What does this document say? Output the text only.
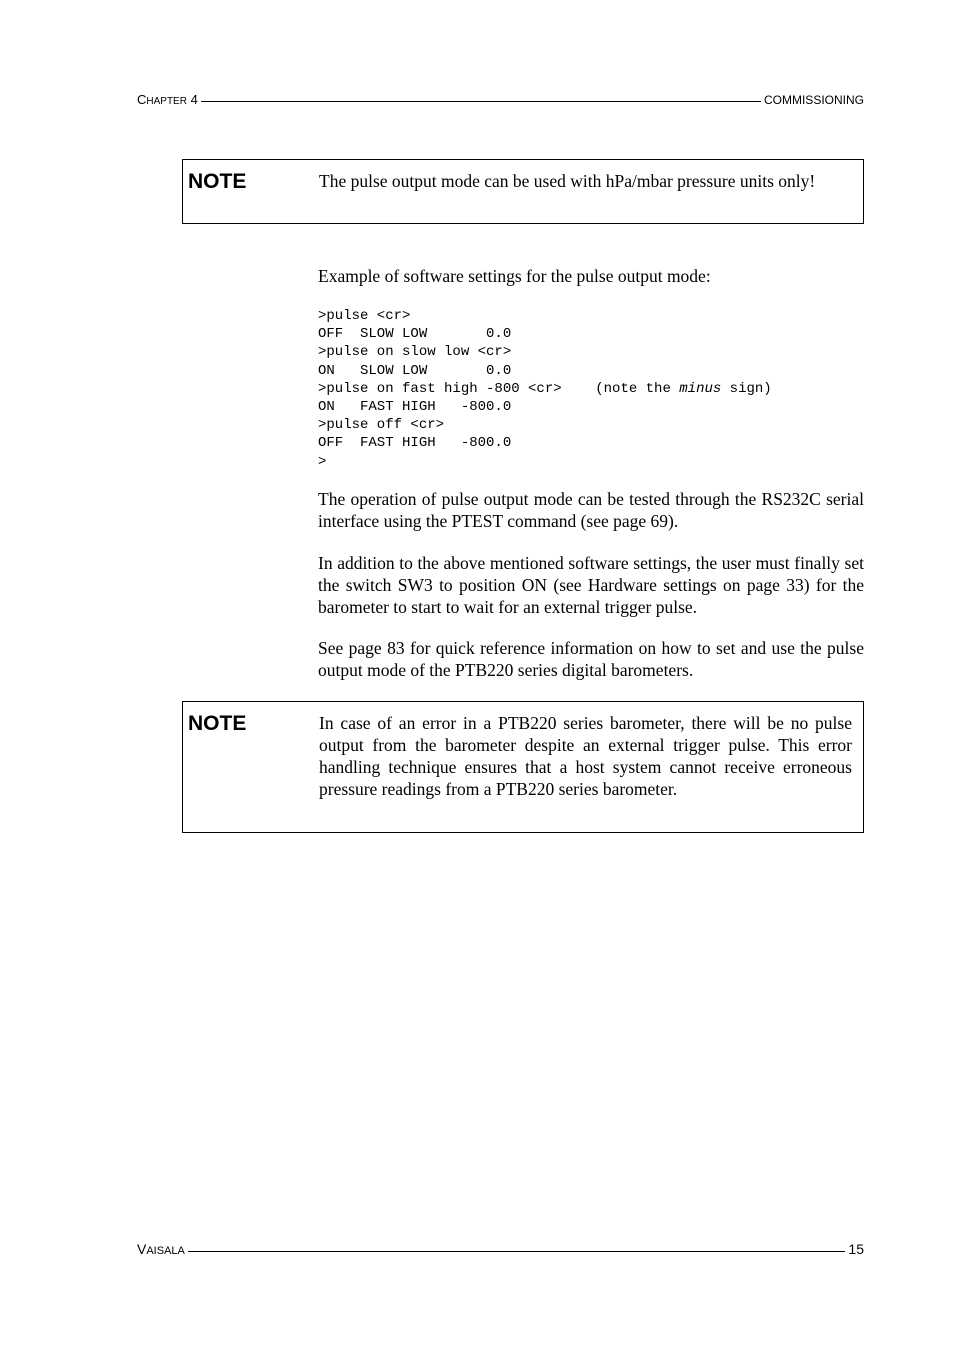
CHAPTER 4	COMMISSIONING
NOTE	The pulse output mode can be used with hPa/mbar pressure units only!
Example of software settings for the pulse output mode:
>pulse <cr>
OFF  SLOW LOW       0.0
>pulse on slow low <cr>
ON   SLOW LOW       0.0
>pulse on fast high -800 <cr>    (note the minus sign)
ON   FAST HIGH   -800.0
>pulse off <cr>
OFF  FAST HIGH   -800.0
>
The operation of pulse output mode can be tested through the RS232C serial interface using the PTEST command (see page 69).
In addition to the above mentioned software settings, the user must finally set the switch SW3 to position ON (see Hardware settings on page 33) for the barometer to start to wait for an external trigger pulse.
See page 83 for quick reference information on how to set and use the pulse output mode of the PTB220 series digital barometers.
NOTE	In case of an error in a PTB220 series barometer, there will be no pulse output from the barometer despite an external trigger pulse. This error handling technique ensures that a host system cannot receive erroneous pressure readings from a PTB220 series barometer.
VAISALA	15
